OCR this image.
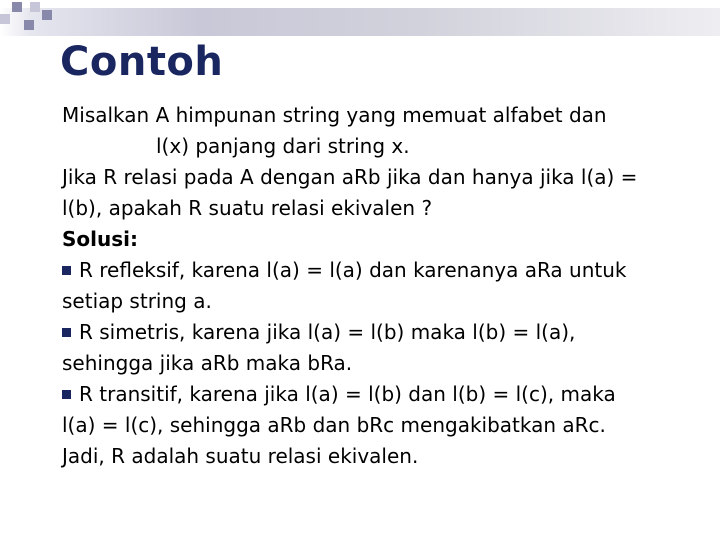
Contoh

Misalkan A himpunan string yang memuat alfabet dan

l(x) panjang dari string x.

Jika R relasi pada A dengan aRb jika dan hanya jika l(a) =

l(b), apakah R suatu relasi ekivalen ?

Solusi:

R refleksif, karena l(a) = l(a) dan karenanya aRa untuk

setiap string a.

R simetris, karena jika l(a) = l(b) maka l(b) = l(a),

sehingga jika aRb maka bRa.

R transitif, karena jika l(a) = l(b) dan l(b) = l(c), maka

l(a) = l(c), sehingga aRb dan bRc mengakibatkan aRc.

Jadi, R adalah suatu relasi ekivalen.
